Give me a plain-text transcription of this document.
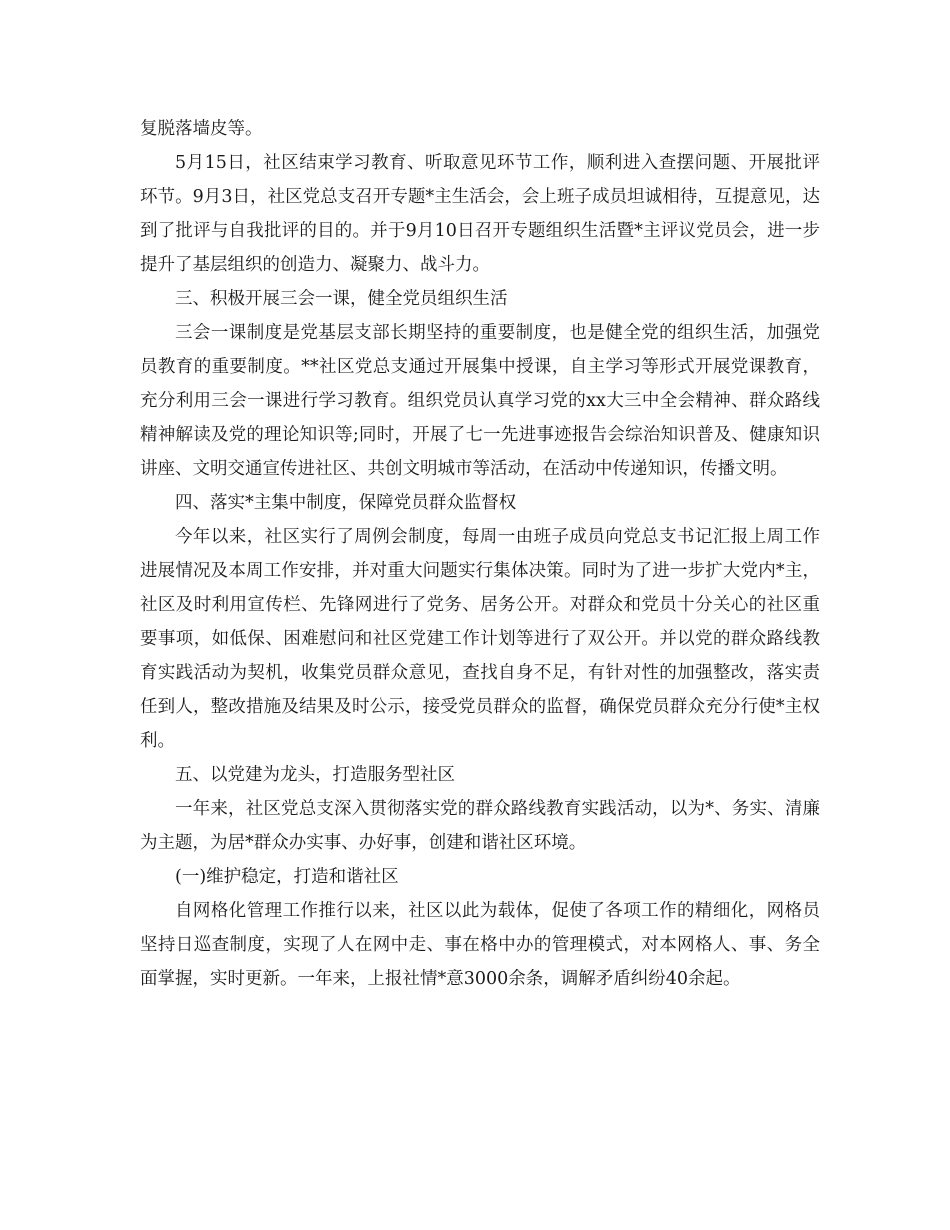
复脱落墙皮等。

5月15日，社区结束学习教育、听取意见环节工作，顺利进入查摆问题、开展批评环节。9月3日，社区党总支召开专题*主生活会，会上班子成员坦诚相待，互提意见，达到了批评与自我批评的目的。并于9月10日召开专题组织生活暨*主评议党员会，进一步提升了基层组织的创造力、凝聚力、战斗力。

三、积极开展三会一课，健全党员组织生活

三会一课制度是党基层支部长期坚持的重要制度，也是健全党的组织生活，加强党员教育的重要制度。**社区党总支通过开展集中授课，自主学习等形式开展党课教育，充分利用三会一课进行学习教育。组织党员认真学习党的xx大三中全会精神、群众路线精神解读及党的理论知识等;同时，开展了七一先进事迹报告会综治知识普及、健康知识讲座、文明交通宣传进社区、共创文明城市等活动，在活动中传递知识，传播文明。

四、落实*主集中制度，保障党员群众监督权

今年以来，社区实行了周例会制度，每周一由班子成员向党总支书记汇报上周工作进展情况及本周工作安排，并对重大问题实行集体决策。同时为了进一步扩大党内*主，社区及时利用宣传栏、先锋网进行了党务、居务公开。对群众和党员十分关心的社区重要事项，如低保、困难慰问和社区党建工作计划等进行了双公开。并以党的群众路线教育实践活动为契机，收集党员群众意见，查找自身不足，有针对性的加强整改，落实责任到人，整改措施及结果及时公示，接受党员群众的监督，确保党员群众充分行使*主权利。

五、以党建为龙头，打造服务型社区

一年来，社区党总支深入贯彻落实党的群众路线教育实践活动，以为*、务实、清廉为主题，为居*群众办实事、办好事，创建和谐社区环境。

(一)维护稳定，打造和谐社区

自网格化管理工作推行以来，社区以此为载体，促使了各项工作的精细化，网格员坚持日巡查制度，实现了人在网中走、事在格中办的管理模式，对本网格人、事、务全面掌握，实时更新。一年来，上报社情*意3000余条，调解矛盾纠纷40余起。
